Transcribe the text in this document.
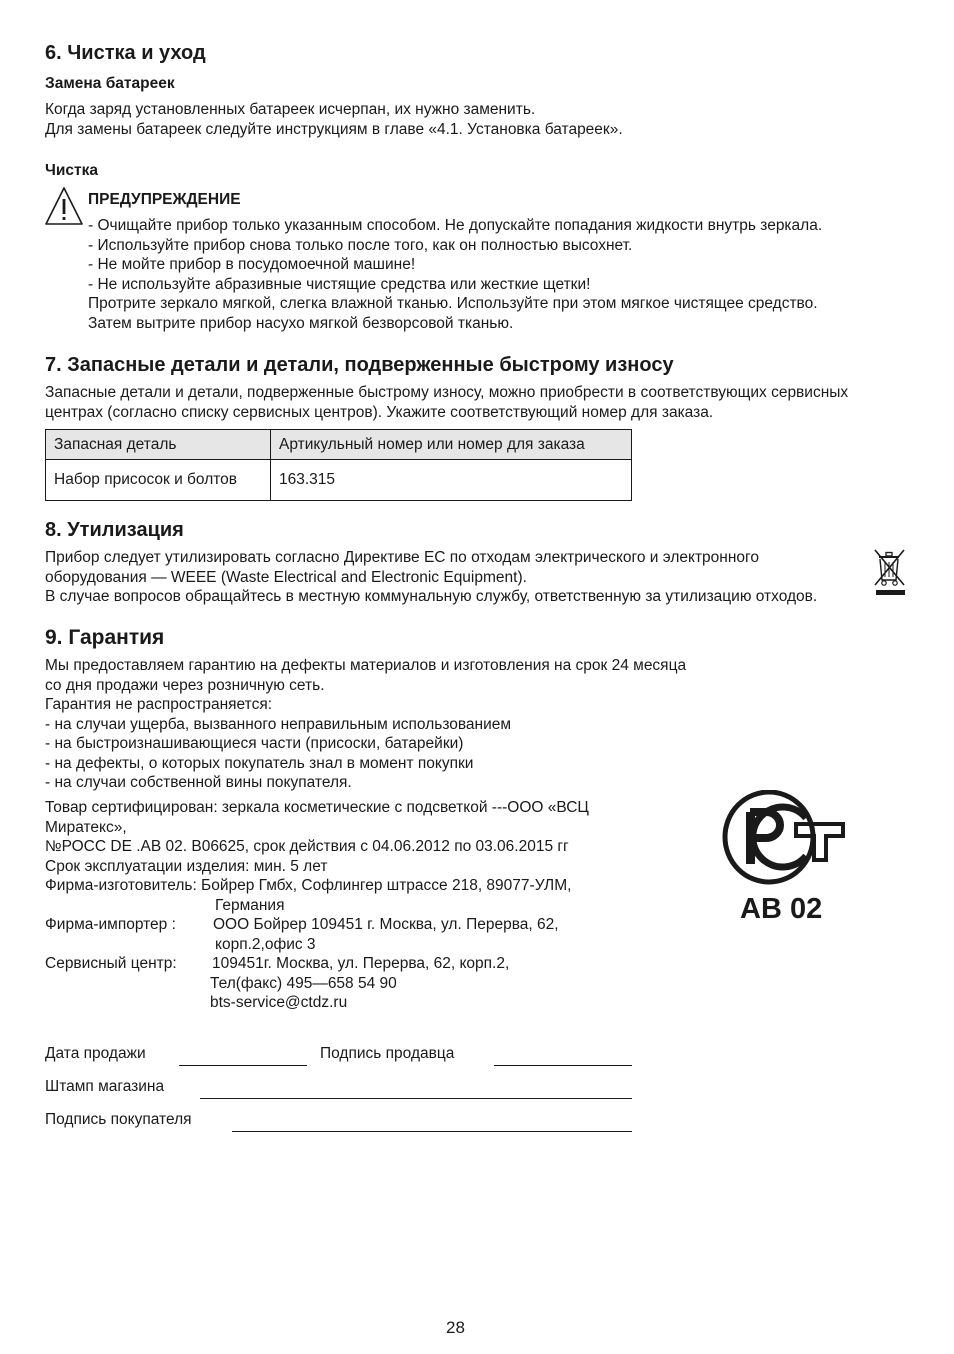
6. Чистка и уход
Замена батареек
Когда заряд установленных батареек исчерпан, их нужно заменить.
Для замены батареек следуйте инструкциям в главе «4.1. Установка батареек».
Чистка
ПРЕДУПРЕЖДЕНИЕ
- Очищайте прибор только указанным способом. Не допускайте попадания жидкости внутрь зеркала.
- Используйте прибор снова только после того, как он полностью высохнет.
- Не мойте прибор в посудомоечной машине!
- Не используйте абразивные чистящие средства или жесткие щетки!
Протрите зеркало мягкой, слегка влажной тканью. Используйте при этом мягкое чистящее средство.
Затем вытрите прибор насухо мягкой безворсовой тканью.
7. Запасные детали и детали, подверженные быстрому износу
Запасные детали и детали, подверженные быстрому износу, можно приобрести в соответствующих сервисных
центрах (согласно списку сервисных центров). Укажите соответствующий номер для заказа.
Запасная деталь	Артикульный номер или номер для заказа
Набор присосок и болтов	163.315
8. Утилизация
Прибор следует утилизировать согласно Директиве ЕС по отходам электрического и электронного
оборудования — WEEE (Waste Electrical and Electronic Equipment).
В случае вопросов обращайтесь в местную коммунальную службу, ответственную за утилизацию отходов.
9. Гарантия
Мы предоставляем гарантию на дефекты материалов и изготовления на срок 24 месяца
со дня продажи через розничную сеть.
Гарантия не распространяется:
- на случаи ущерба, вызванного неправильным использованием
- на быстроизнашивающиеся части (присоски, батарейки)
- на дефекты, о которых покупатель знал в момент покупки
- на случаи собственной вины покупателя.
Товар сертифицирован: зеркала косметические с подсветкой ---ООО «ВСЦ
Миратекс»,
№РОСС DE .AB 02. B06625, срок действия с 04.06.2012 по 03.06.2015 гг
Срок эксплуатации изделия: мин. 5 лет
Фирма-изготовитель: Бойрер Гмбх, Софлингер штрассе 218, 89077-УЛМ,
Германия
Фирма-импортер : ООО Бойрер 109451 г. Москва, ул. Перерва, 62,
корп.2,офис 3
Сервисный центр: 109451г. Москва, ул. Перерва, 62, корп.2,
Тел(факс) 495—658 54 90
bts-service@ctdz.ru
АВ 02
Дата продажи	Подпись продавца
Штамп магазина
Подпись покупателя
28
